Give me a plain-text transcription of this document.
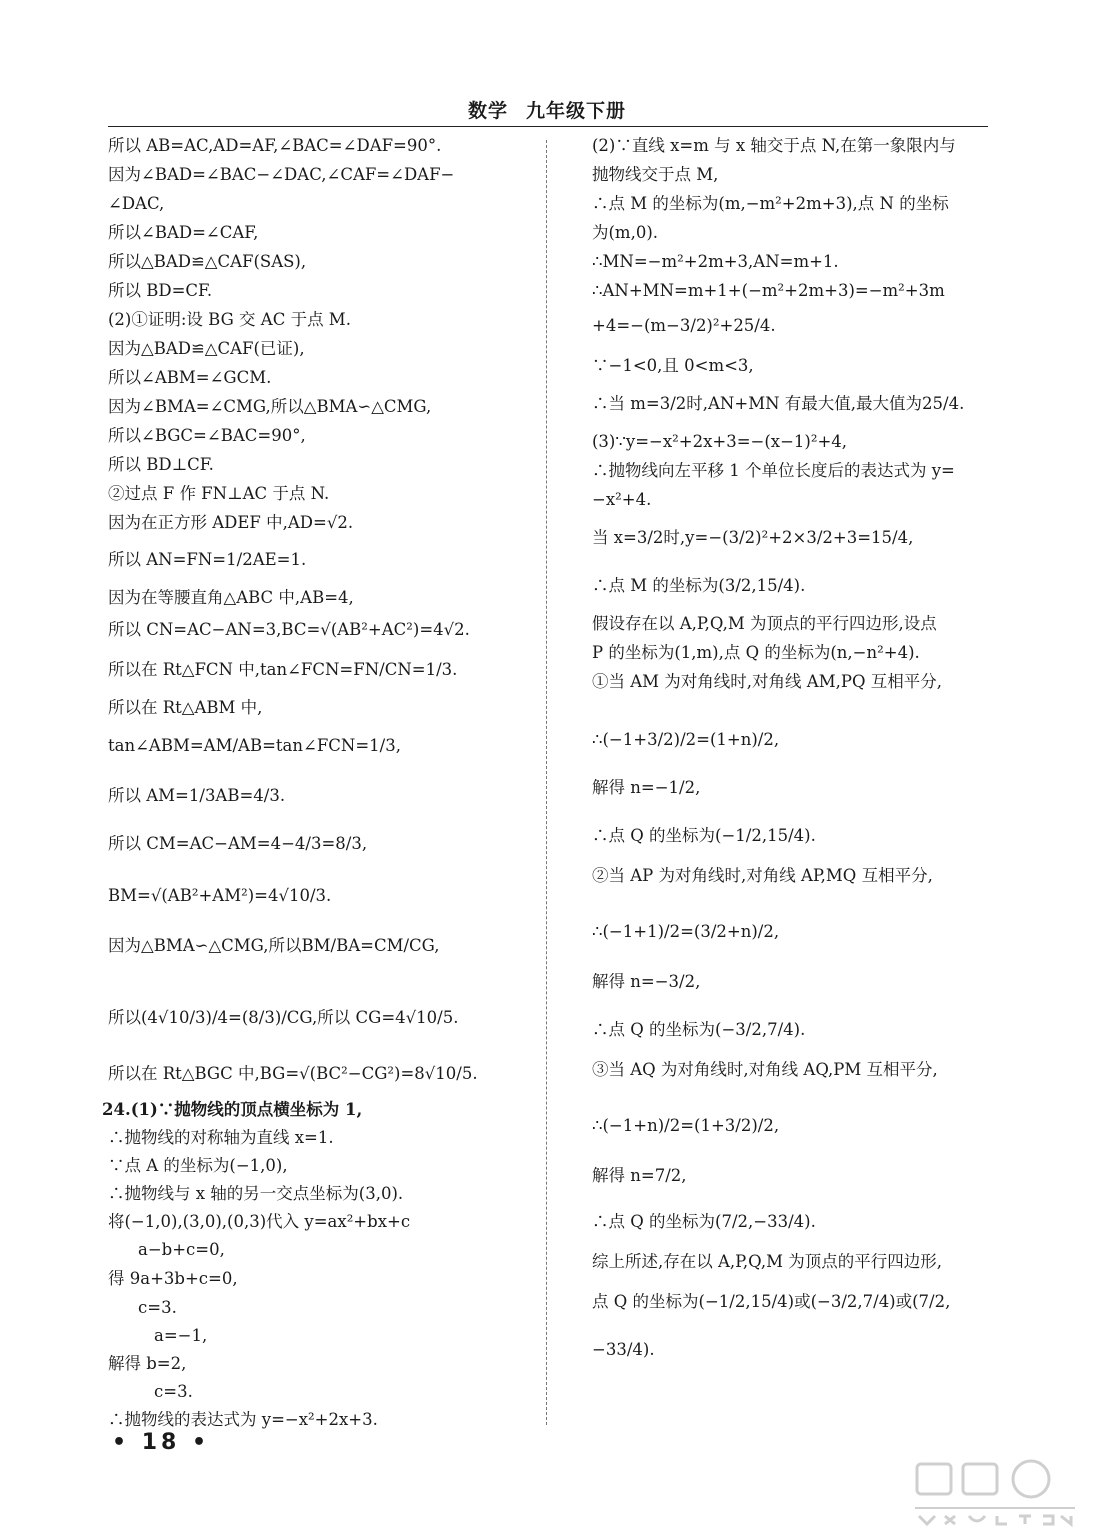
数学 九年级下册
所以 AB=AC,AD=AF,∠BAC=∠DAF=90°.
因为∠BAD=∠BAC−∠DAC,∠CAF=∠DAF−
∠DAC,
所以∠BAD=∠CAF,
所以△BAD≌△CAF(SAS),
所以 BD=CF.
(2)①证明:设 BG 交 AC 于点 M.
因为△BAD≌△CAF(已证),
所以∠ABM=∠GCM.
因为∠BMA=∠CMG,所以△BMA∽△CMG,
所以∠BGC=∠BAC=90°,
所以 BD⊥CF.
②过点 F 作 FN⊥AC 于点 N.
因为在正方形 ADEF 中,AD=√2.
所以 AN=FN=1/2AE=1.
因为在等腰直角△ABC 中,AB=4,
所以 CN=AC−AN=3,BC=√(AB²+AC²)=4√2.
所以在 Rt△FCN 中,tan∠FCN=FN/CN=1/3.
所以在 Rt△ABM 中,
tan∠ABM=AM/AB=tan∠FCN=1/3,
所以 AM=1/3AB=4/3.
所以 CM=AC−AM=4−4/3=8/3,
BM=√(AB²+AM²)=4√10/3.
因为△BMA∽△CMG,所以BM/BA=CM/CG,
所以(4√10/3)/4=(8/3)/CG,所以 CG=4√10/5.
所以在 Rt△BGC 中,BG=√(BC²−CG²)=8√10/5.
24.(1)∵抛物线的顶点横坐标为 1,
∴抛物线的对称轴为直线 x=1.
∵点 A 的坐标为(−1,0),
∴抛物线与 x 轴的另一交点坐标为(3,0).
将(−1,0),(3,0),(0,3)代入 y=ax²+bx+c
a−b+c=0,
得 9a+3b+c=0,
c=3.
a=−1,
解得 b=2,
c=3.
∴抛物线的表达式为 y=−x²+2x+3.
(2)∵直线 x=m 与 x 轴交于点 N,在第一象限内与
抛物线交于点 M,
∴点 M 的坐标为(m,−m²+2m+3),点 N 的坐标
为(m,0).
∴MN=−m²+2m+3,AN=m+1.
∴AN+MN=m+1+(−m²+2m+3)=−m²+3m
+4=−(m−3/2)²+25/4.
∵−1<0,且 0<m<3,
∴当 m=3/2时,AN+MN 有最大值,最大值为25/4.
(3)∵y=−x²+2x+3=−(x−1)²+4,
∴抛物线向左平移 1 个单位长度后的表达式为 y=
−x²+4.
当 x=3/2时,y=−(3/2)²+2×3/2+3=15/4,
∴点 M 的坐标为(3/2,15/4).
假设存在以 A,P,Q,M 为顶点的平行四边形,设点
P 的坐标为(1,m),点 Q 的坐标为(n,−n²+4).
①当 AM 为对角线时,对角线 AM,PQ 互相平分,
∴(−1+3/2)/2=(1+n)/2,
解得 n=−1/2,
∴点 Q 的坐标为(−1/2,15/4).
②当 AP 为对角线时,对角线 AP,MQ 互相平分,
∴(−1+1)/2=(3/2+n)/2,
解得 n=−3/2,
∴点 Q 的坐标为(−3/2,7/4).
③当 AQ 为对角线时,对角线 AQ,PM 互相平分,
∴(−1+n)/2=(1+3/2)/2,
解得 n=7/2,
∴点 Q 的坐标为(7/2,−33/4).
综上所述,存在以 A,P,Q,M 为顶点的平行四边形,
点 Q 的坐标为(−1/2,15/4)或(−3/2,7/4)或(7/2,
−33/4).
• 18 •
